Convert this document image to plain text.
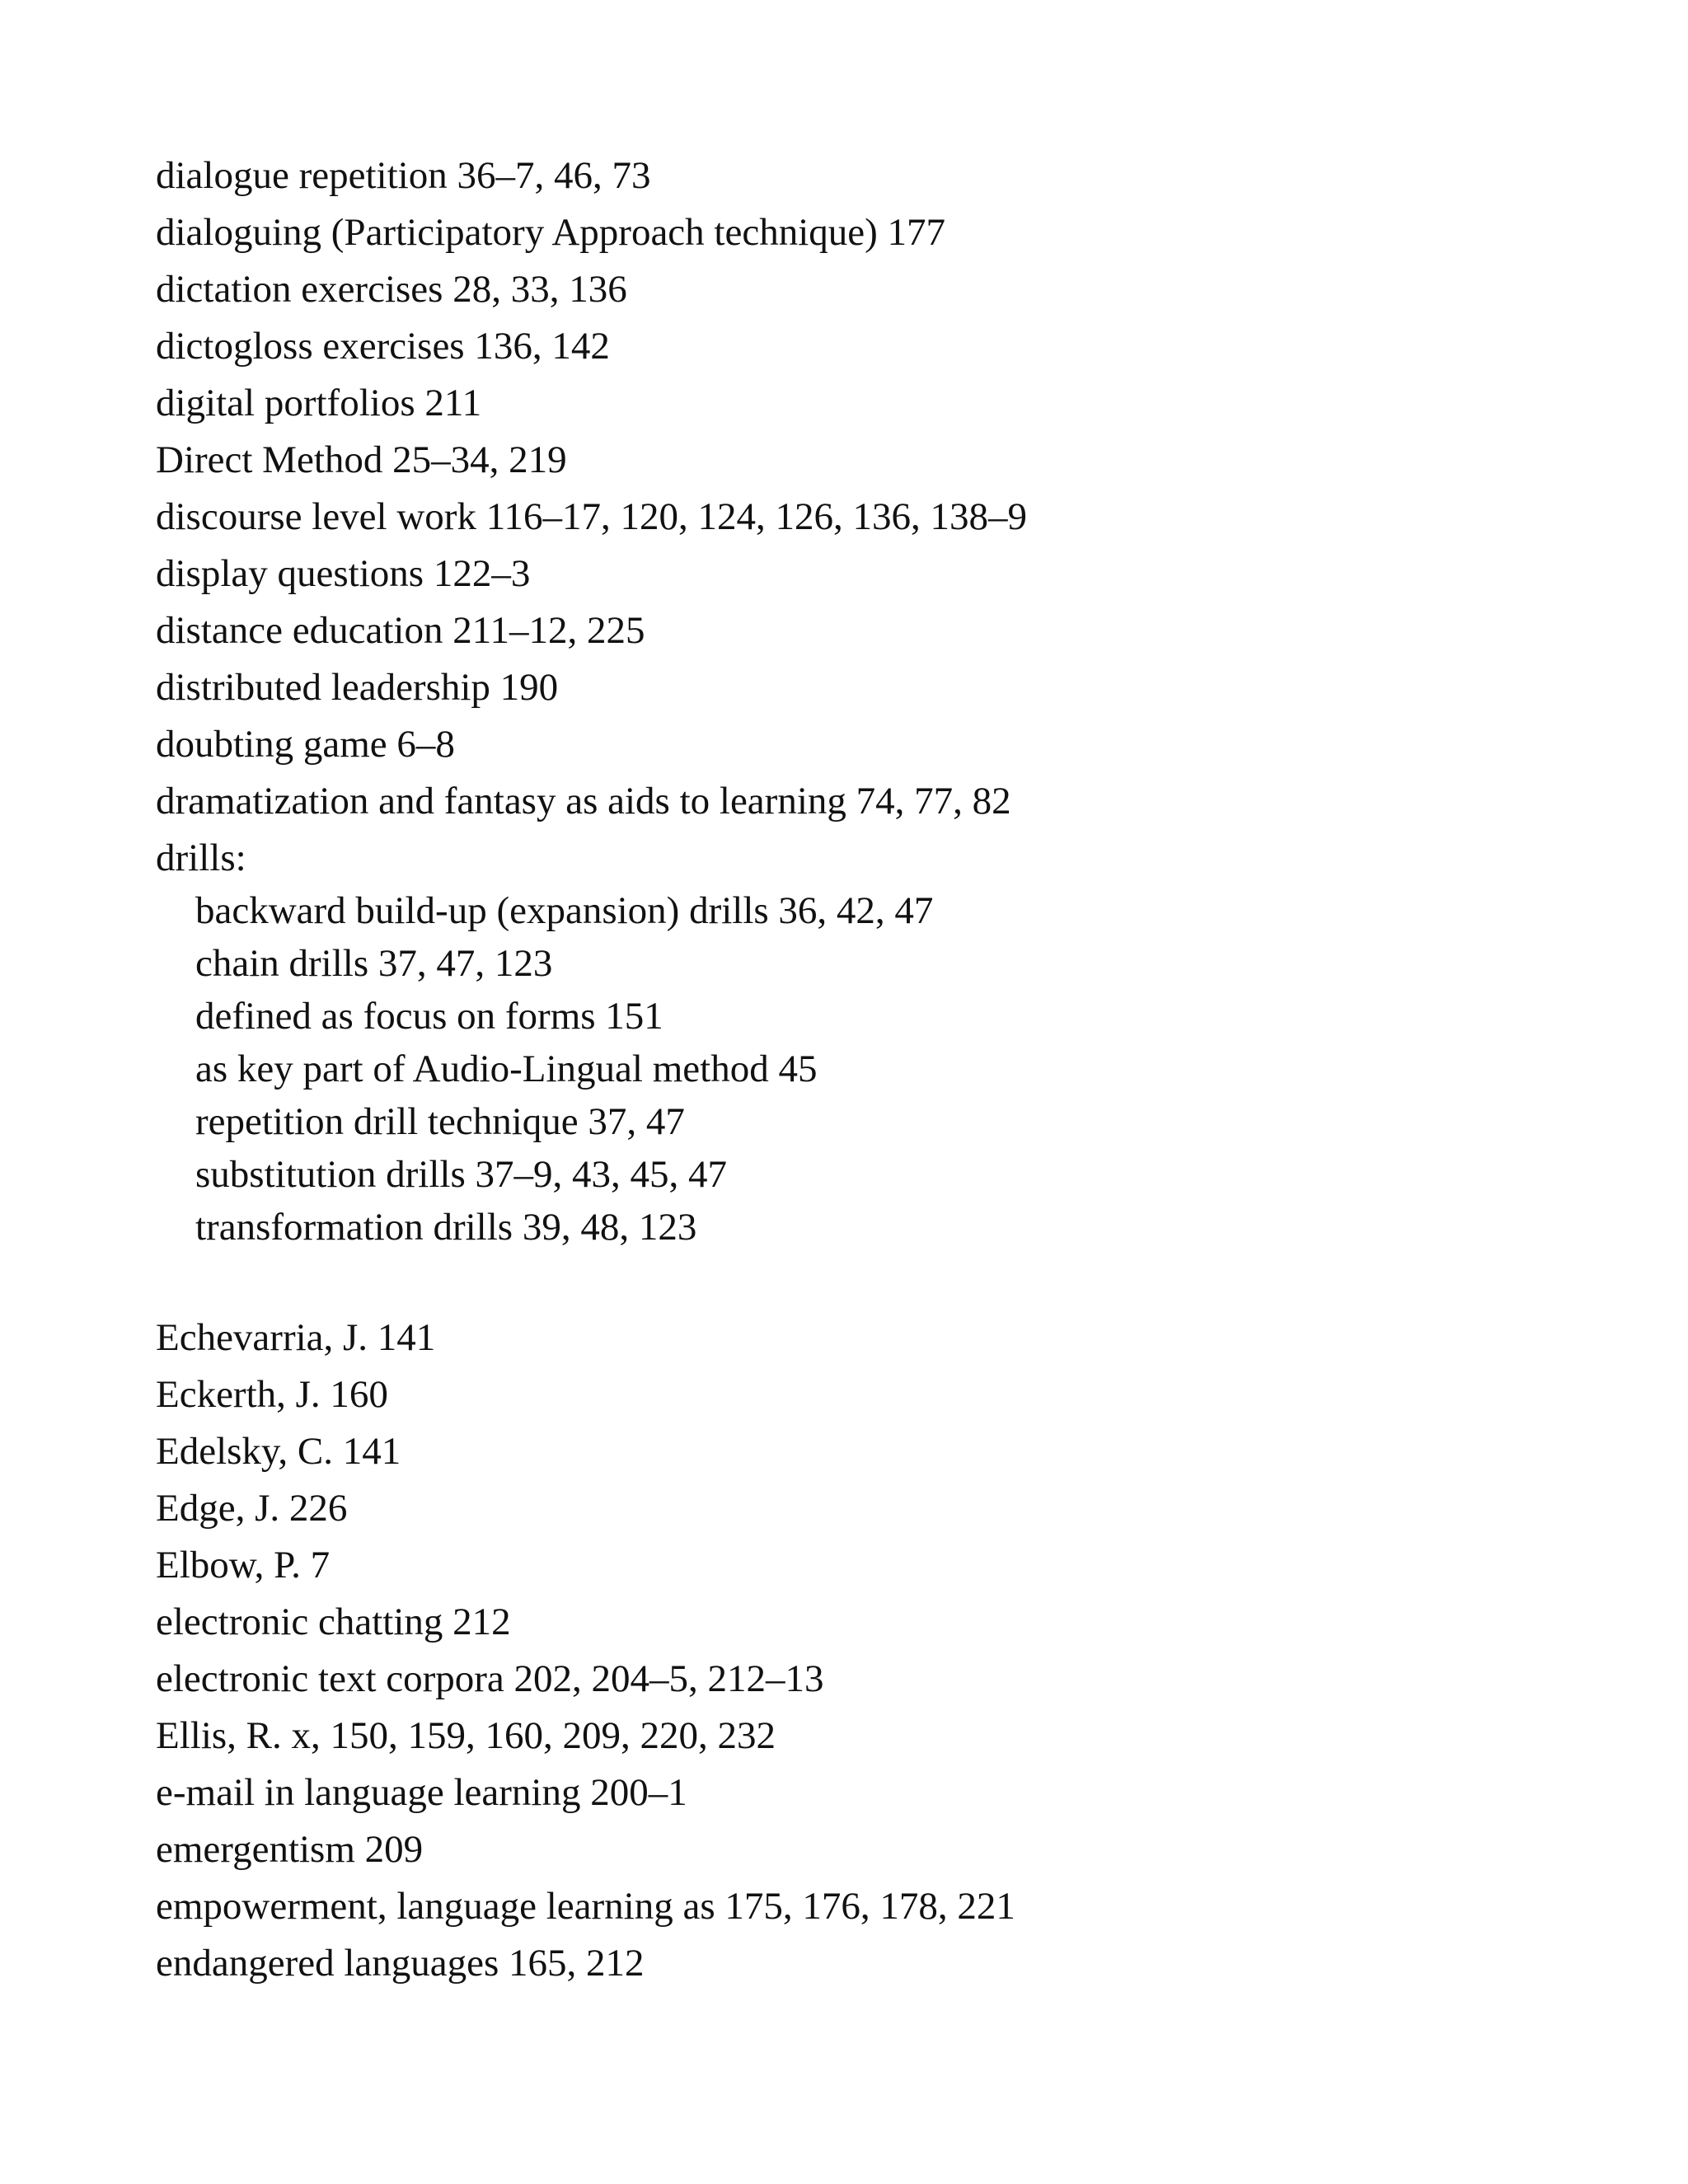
dialogue repetition 36–7, 46, 73
dialoguing (Participatory Approach technique) 177
dictation exercises 28, 33, 136
dictogloss exercises 136, 142
digital portfolios 211
Direct Method 25–34, 219
discourse level work 116–17, 120, 124, 126, 136, 138–9
display questions 122–3
distance education 211–12, 225
distributed leadership 190
doubting game 6–8
dramatization and fantasy as aids to learning 74, 77, 82
drills:
backward build-up (expansion) drills 36, 42, 47
chain drills 37, 47, 123
defined as focus on forms 151
as key part of Audio-Lingual method 45
repetition drill technique 37, 47
substitution drills 37–9, 43, 45, 47
transformation drills 39, 48, 123
Echevarria, J. 141
Eckerth, J. 160
Edelsky, C. 141
Edge, J. 226
Elbow, P. 7
electronic chatting 212
electronic text corpora 202, 204–5, 212–13
Ellis, R. x, 150, 159, 160, 209, 220, 232
e-mail in language learning 200–1
emergentism 209
empowerment, language learning as 175, 176, 178, 221
endangered languages 165, 212
